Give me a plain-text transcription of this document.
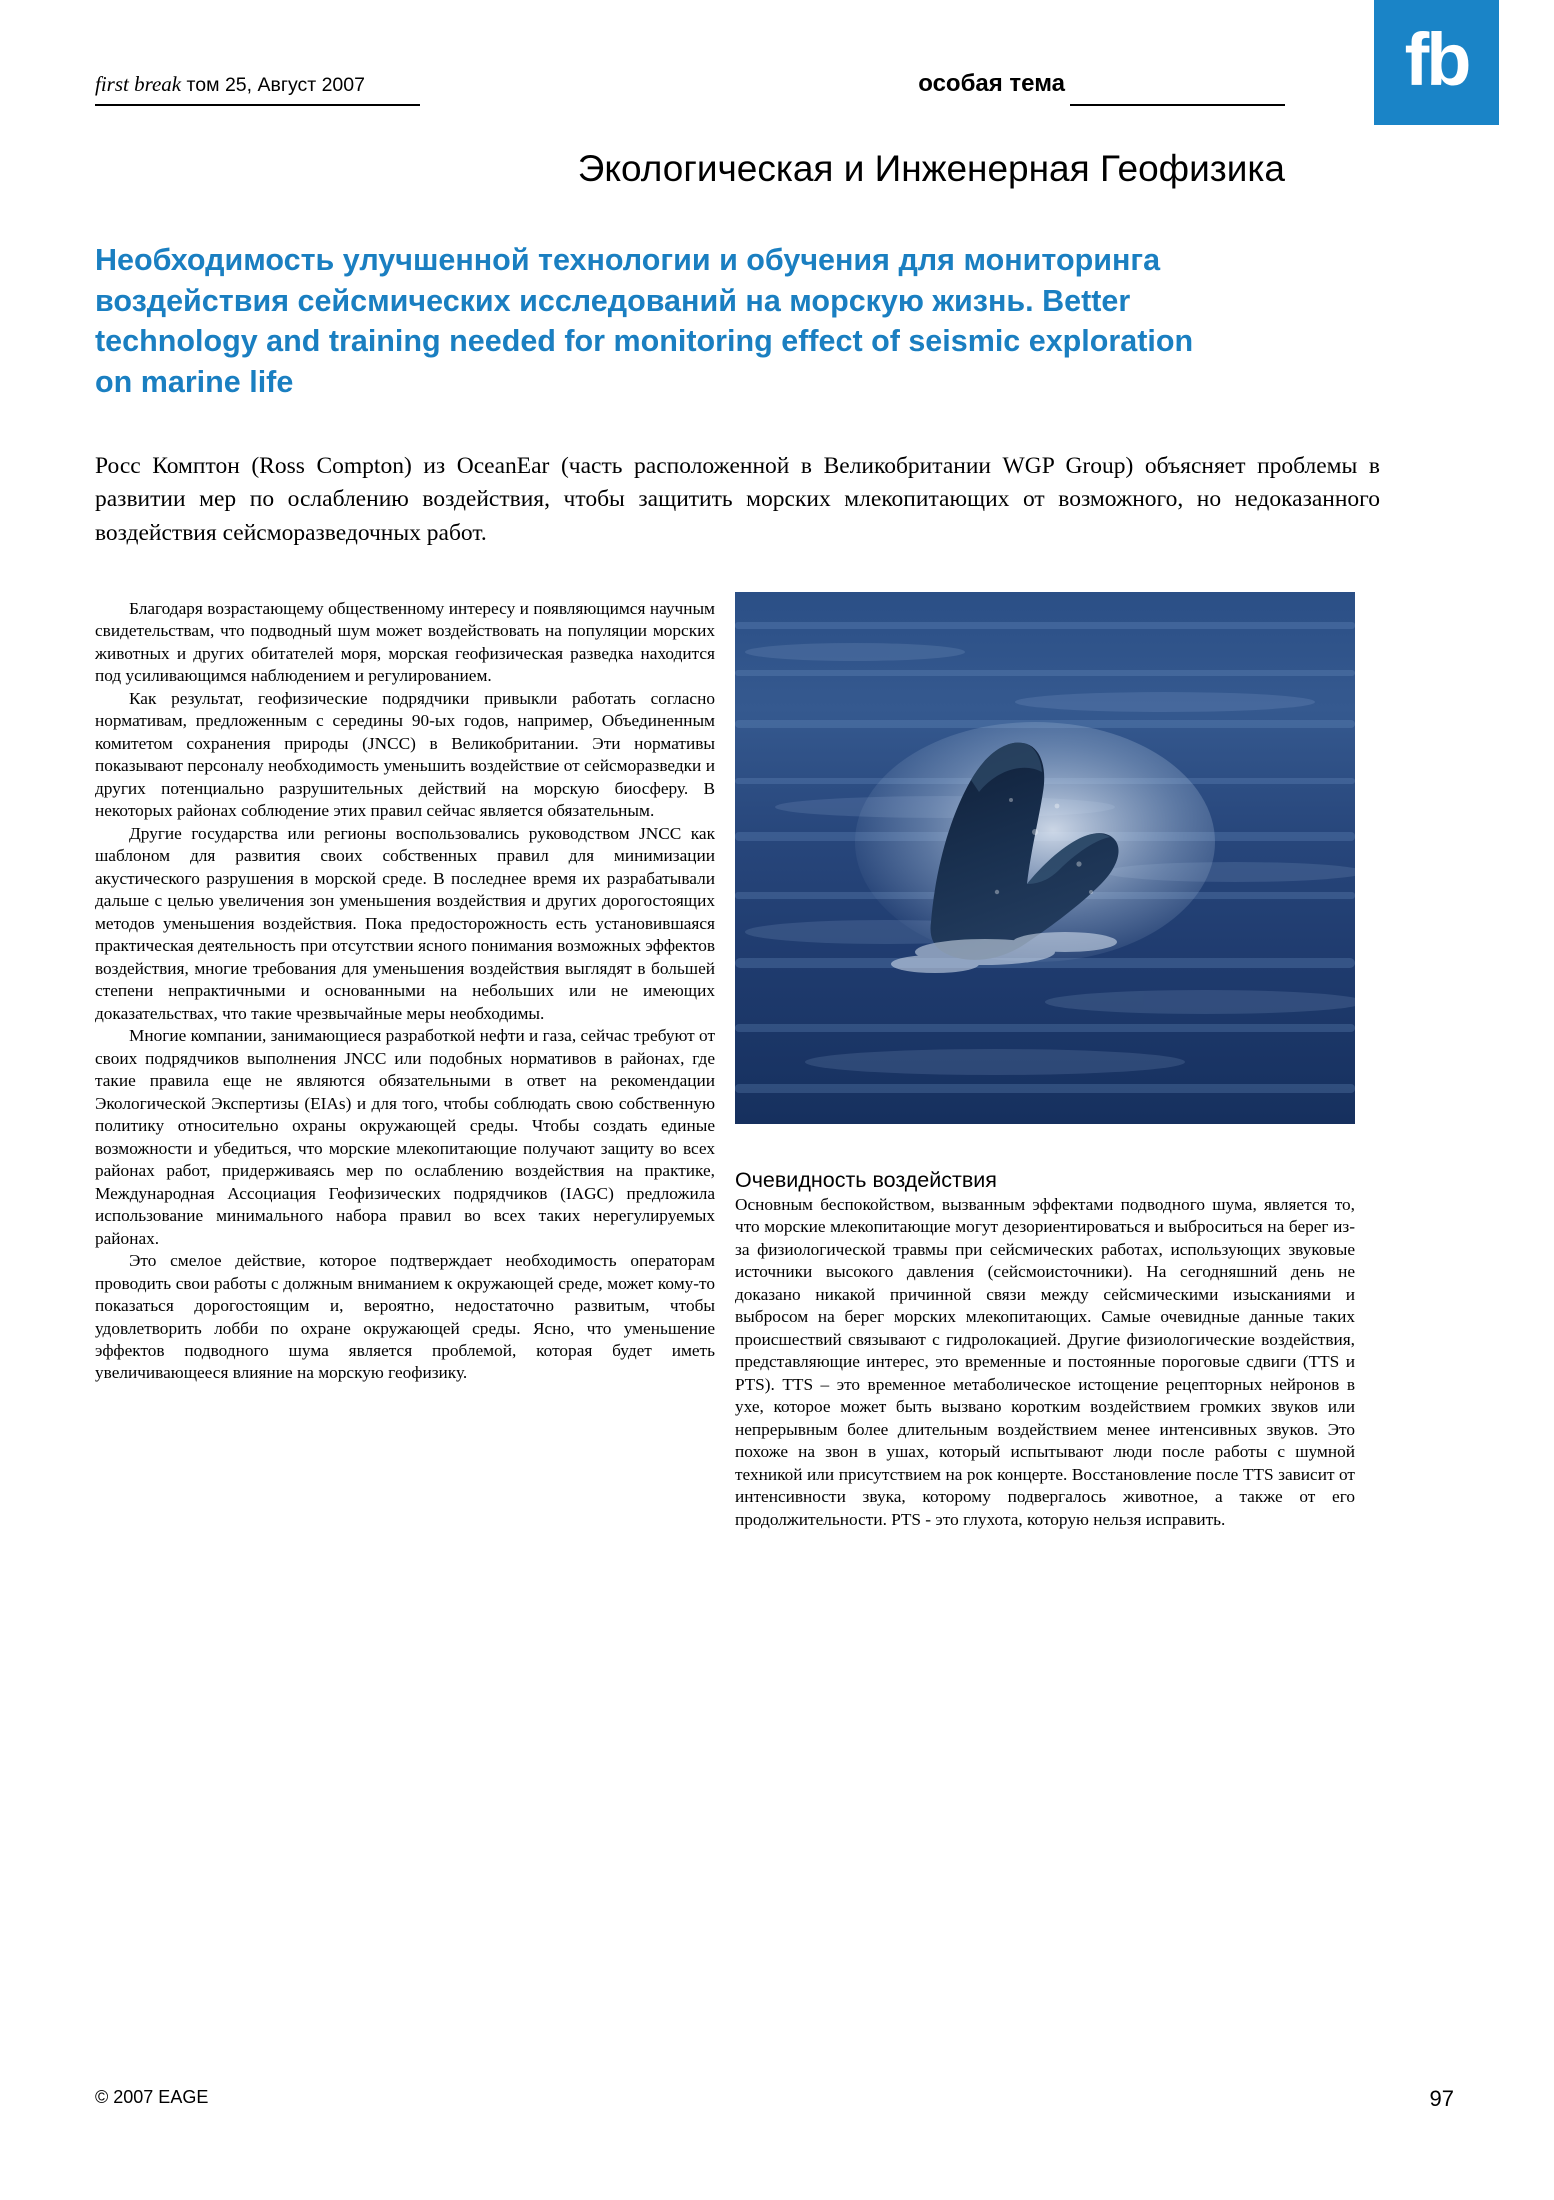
fb
first break том 25, Август 2007	особая тема
Экологическая и Инженерная Геофизика
Необходимость улучшенной технологии и обучения для мониторинга воздействия сейсмических исследований на морскую жизнь. Better technology and training needed for monitoring effect of seismic exploration on marine life
Росс Комптон (Ross Compton) из OceanEar (часть расположенной в Великобритании WGP Group) объясняет проблемы в развитии мер по ослаблению воздействия, чтобы защитить морских млекопитающих от возможного, но недоказанного воздействия сейсморазведочных работ.

Благодаря возрастающему общественному интересу и появляющимся научным свидетельствам, что подводный шум может воздействовать на популяции морских животных и других обитателей моря, морская геофизическая разведка находится под усиливающимся наблюдением и регулированием.

Как результат, геофизические подрядчики привыкли работать согласно нормативам, предложенным с середины 90-ых годов, например, Объединенным комитетом сохранения природы (JNCC) в Великобритании. Эти нормативы показывают персоналу необходимость уменьшить воздействие от сейсморазведки и других потенциально разрушительных действий на морскую биосферу. В некоторых районах соблюдение этих правил сейчас является обязательным.

Другие государства или регионы воспользовались руководством JNCC как шаблоном для развития своих собственных правил для минимизации акустического разрушения в морской среде. В последнее время их разрабатывали дальше с целью увеличения зон уменьшения воздействия и других дорогостоящих методов уменьшения воздействия. Пока предосторожность есть установившаяся практическая деятельность при отсутствии ясного понимания возможных эффектов воздействия, многие требования для уменьшения воздействия выглядят в большей степени непрактичными и основанными на небольших или не имеющих доказательствах, что такие чрезвычайные меры необходимы.

Многие компании, занимающиеся разработкой нефти и газа, сейчас требуют от своих подрядчиков выполнения JNCC или подобных нормативов в районах, где такие правила еще не являются обязательными в ответ на рекомендации Экологической Экспертизы (EIAs) и для того, чтобы соблюдать свою собственную политику относительно охраны окружающей среды. Чтобы создать единые возможности и убедиться, что морские млекопитающие получают защиту во всех районах работ, придерживаясь мер по ослаблению воздействия на практике, Международная Ассоциация Геофизических подрядчиков (IAGC) предложила использование минимального набора правил во всех таких нерегулируемых районах.

Это смелое действие, которое подтверждает необходимость операторам проводить свои работы с должным вниманием к окружающей среде, может кому-то показаться дорогостоящим и, вероятно, недостаточно развитым, чтобы удовлетворить лобби по охране окружающей среды. Ясно, что уменьшение эффектов подводного шума является проблемой, которая будет иметь увеличивающееся влияние на морскую геофизику.

Очевидность воздействия

Основным беспокойством, вызванным эффектами подводного шума, является то, что морские млекопитающие могут дезориентироваться и выброситься на берег из-за физиологической травмы при сейсмических работах, использующих звуковые источники высокого давления (сейсмоисточники). На сегодняшний день не доказано никакой причинной связи между сейсмическими изысканиями и выбросом на берег морских млекопитающих. Самые очевидные данные таких происшествий связывают с гидролокацией. Другие физиологические воздействия, представляющие интерес, это временные и постоянные пороговые сдвиги (TTS и PTS). TTS – это временное метаболическое истощение рецепторных нейронов в ухе, которое может быть вызвано коротким воздействием громких звуков или непрерывным более длительным воздействием менее интенсивных звуков. Это похоже на звон в ушах, который испытывают люди после работы с шумной техникой или присутствием на рок концерте. Восстановление после TTS зависит от интенсивности звука, которому подвергалось животное, а также от его продолжительности. PTS - это глухота, которую нельзя исправить.

© 2007 EAGE	97
